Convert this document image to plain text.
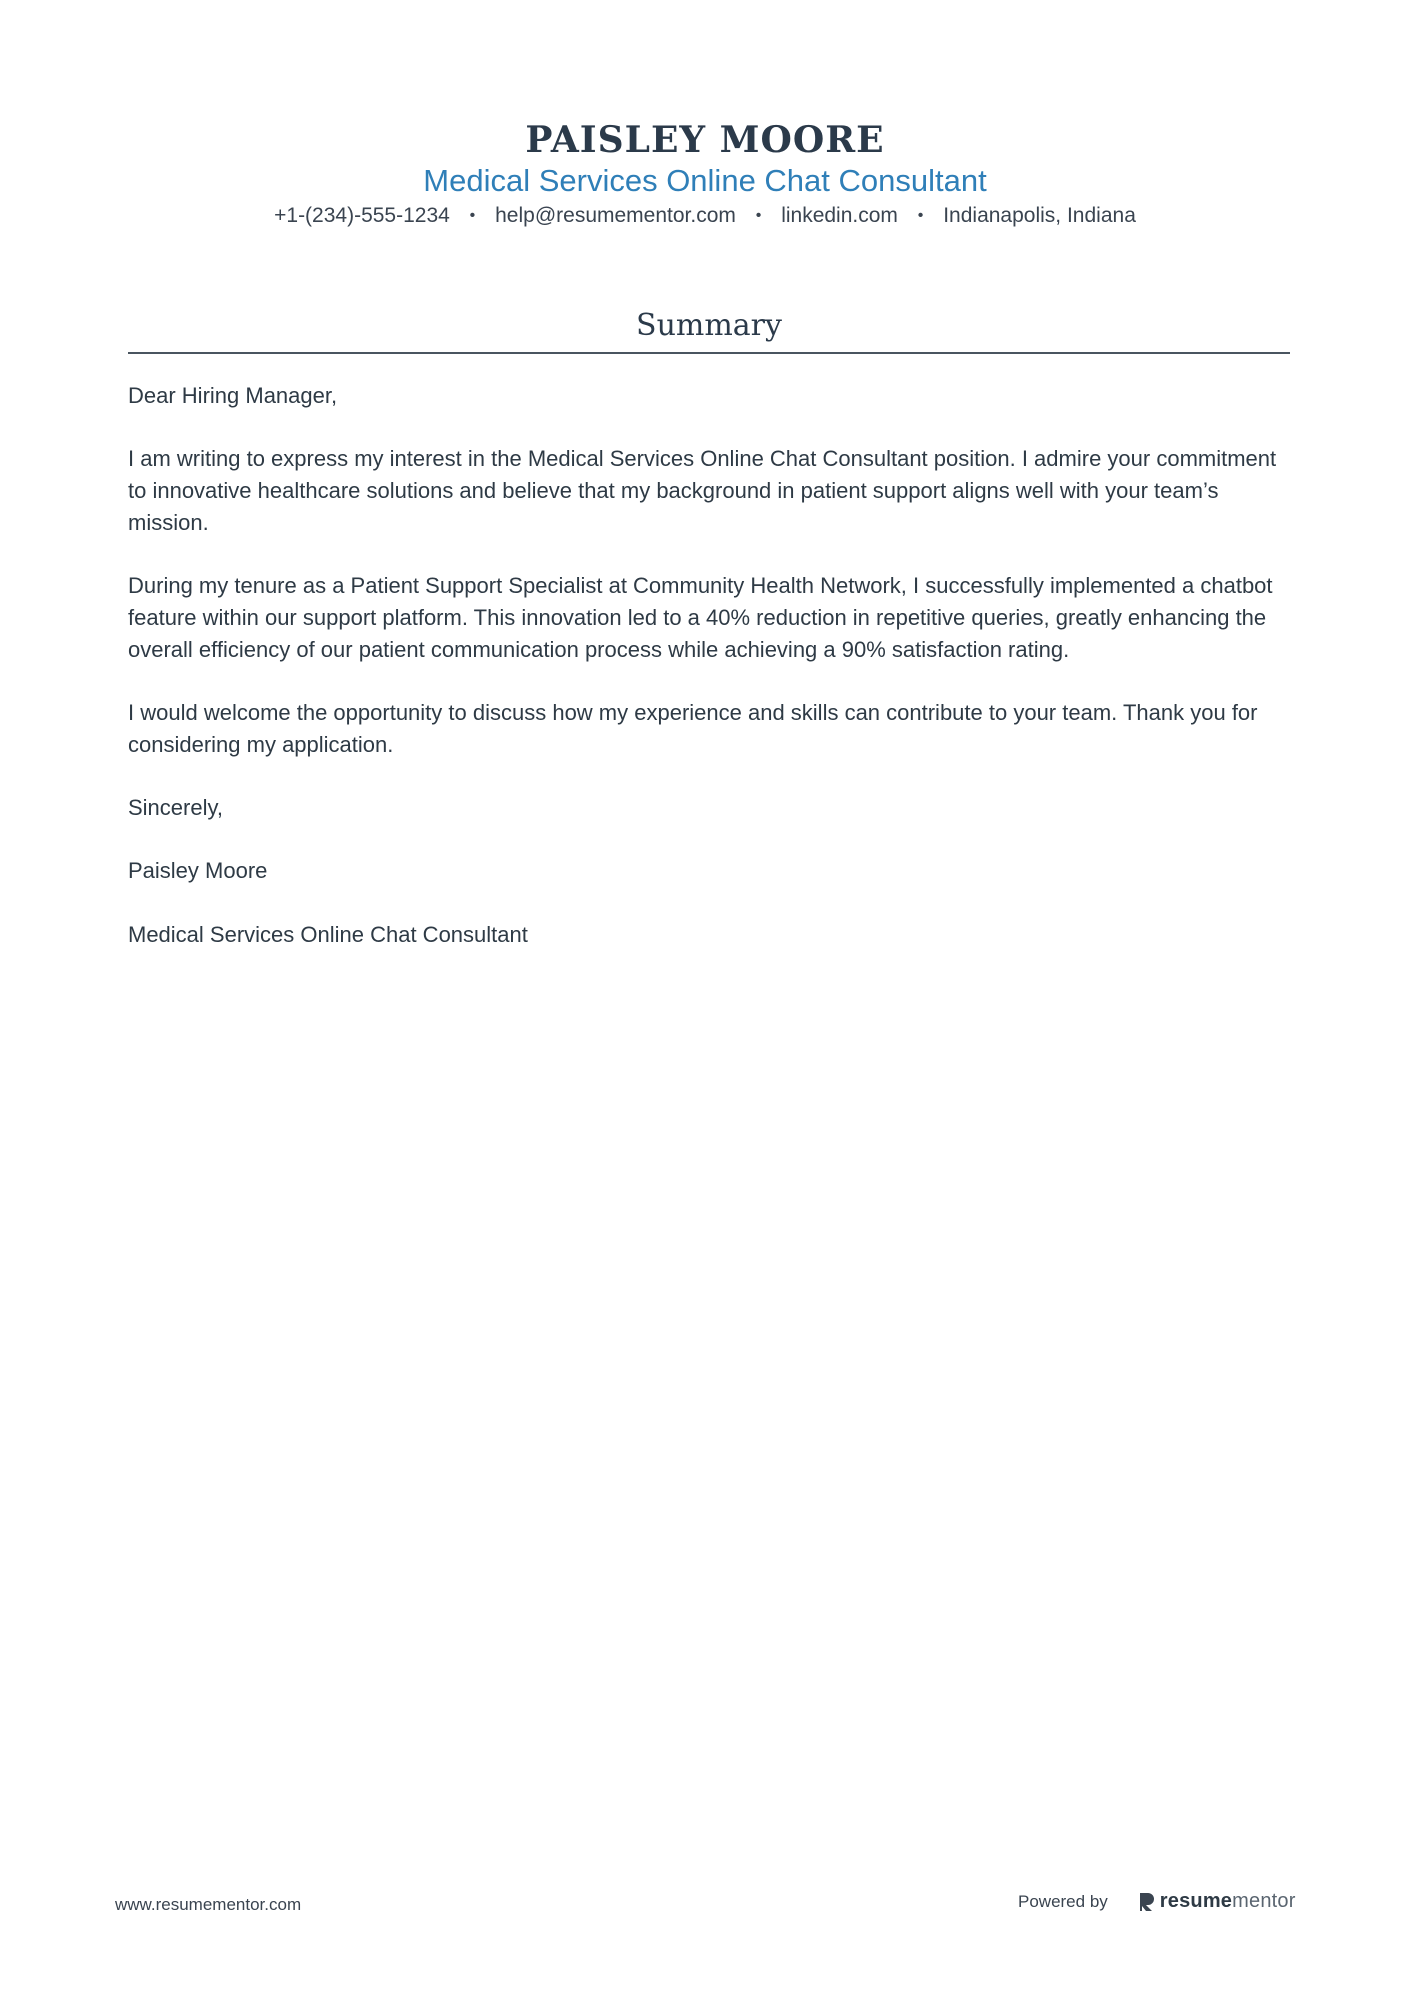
PAISLEY MOORE
Medical Services Online Chat Consultant
+1-(234)-555-1234 • help@resumementor.com • linkedin.com • Indianapolis, Indiana
Summary

Dear Hiring Manager,

I am writing to express my interest in the Medical Services Online Chat Consultant position. I admire your commitment to innovative healthcare solutions and believe that my background in patient support aligns well with your team’s mission.

During my tenure as a Patient Support Specialist at Community Health Network, I successfully implemented a chatbot feature within our support platform. This innovation led to a 40% reduction in repetitive queries, greatly enhancing the overall efficiency of our patient communication process while achieving a 90% satisfaction rating.

I would welcome the opportunity to discuss how my experience and skills can contribute to your team. Thank you for considering my application.

Sincerely,

Paisley Moore

Medical Services Online Chat Consultant

www.resumementor.com	Powered by	resumementor
